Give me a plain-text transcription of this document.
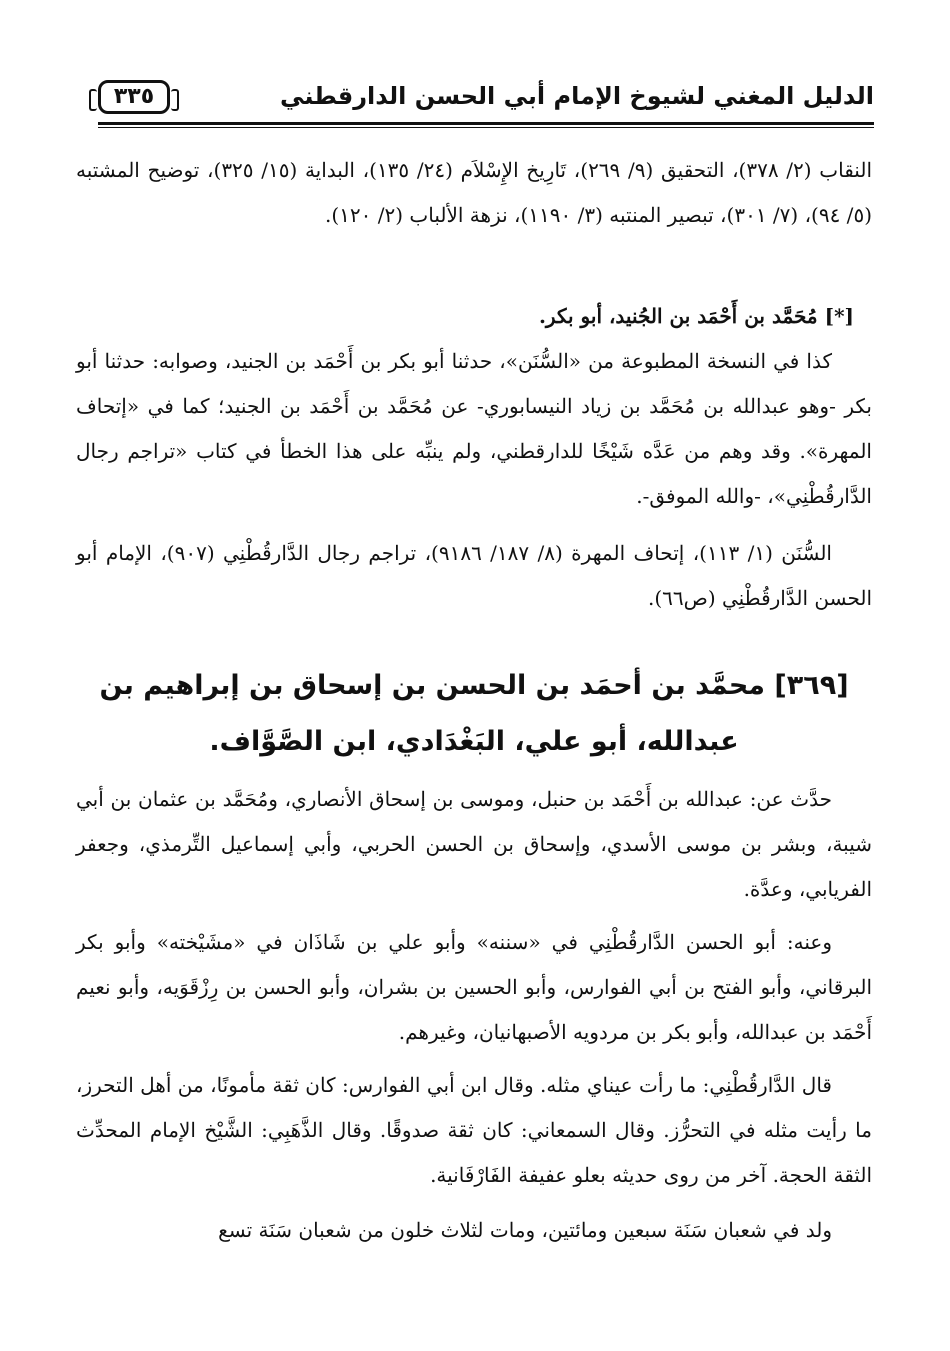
الدليل المغني لشيوخ الإمام أبي الحسن الدارقطني
٣٣٥
النقاب (٢/ ٣٧٨)، التحقيق (٩/ ٢٦٩)، تَارِيخ الإِسْلاَم (٢٤/ ١٣٥)، البداية (١٥/ ٣٢٥)، توضيح المشتبه (٥/ ٩٤)، (٧/ ٣٠١)، تبصير المنتبه (٣/ ١١٩٠)، نزهة الألباب (٢/ ١٢٠).
[*] مُحَمَّد بن أَحْمَد بن الجُنيد، أبو بكر.
كذا في النسخة المطبوعة من «السُّنَن»، حدثنا أبو بكر بن أَحْمَد بن الجنيد، وصوابه: حدثنا أبو بكر -وهو عبدالله بن مُحَمَّد بن زياد النيسابوري- عن مُحَمَّد بن أَحْمَد بن الجنيد؛ كما في «إتحاف المهرة». وقد وهم من عَدَّه شَيْخًا للدارقطني، ولم ينبِّه على هذا الخطأ في كتاب «تراجم رجال الدَّارقُطْنِي»، -والله الموفق-.
السُّنَن (١/ ١١٣)، إتحاف المهرة (٨/ ١٨٧/ ٩١٨٦)، تراجم رجال الدَّارقُطْنِي (٩٠٧)، الإمام أبو الحسن الدَّارقُطْنِي (ص٦٦).
[٣٦٩] محمَّد بن أحمَد بن الحسن بن إسحاق بن إبراهيم بن
عبدالله، أبو علي، البَغْدَادي، ابن الصَّوَّاف.
حدَّث عن: عبدالله بن أَحْمَد بن حنبل، وموسى بن إسحاق الأنصاري، ومُحَمَّد بن عثمان بن أبي شيبة، وبشر بن موسى الأسدي، وإسحاق بن الحسن الحربي، وأبي إسماعيل التِّرمذي، وجعفر الفريابي، وعدَّة.
وعنه: أبو الحسن الدَّارقُطْنِي في «سننه» وأبو علي بن شَاذَان في «مشَيْخته» وأبو بكر البرقاني، وأبو الفتح بن أبي الفوارس، وأبو الحسين بن بشران، وأبو الحسن بن رِزْقَوَيه، وأبو نعيم أَحْمَد بن عبدالله، وأبو بكر بن مردويه الأصبهانيان، وغيرهم.
قال الدَّارقُطْنِي: ما رأت عيناي مثله. وقال ابن أبي الفوارس: كان ثقة مأمونًا، من أهل التحرز، ما رأيت مثله في التحرُّز. وقال السمعاني: كان ثقة صدوقًا. وقال الذَّهَبِي: الشَّيْخ الإمام المحدِّث الثقة الحجة. آخر من روى حديثه بعلو عفيفة الفَارْفَانية.
ولد في شعبان سَنَة سبعين ومائتين، ومات لثلاث خلون من شعبان سَنَة تسع
